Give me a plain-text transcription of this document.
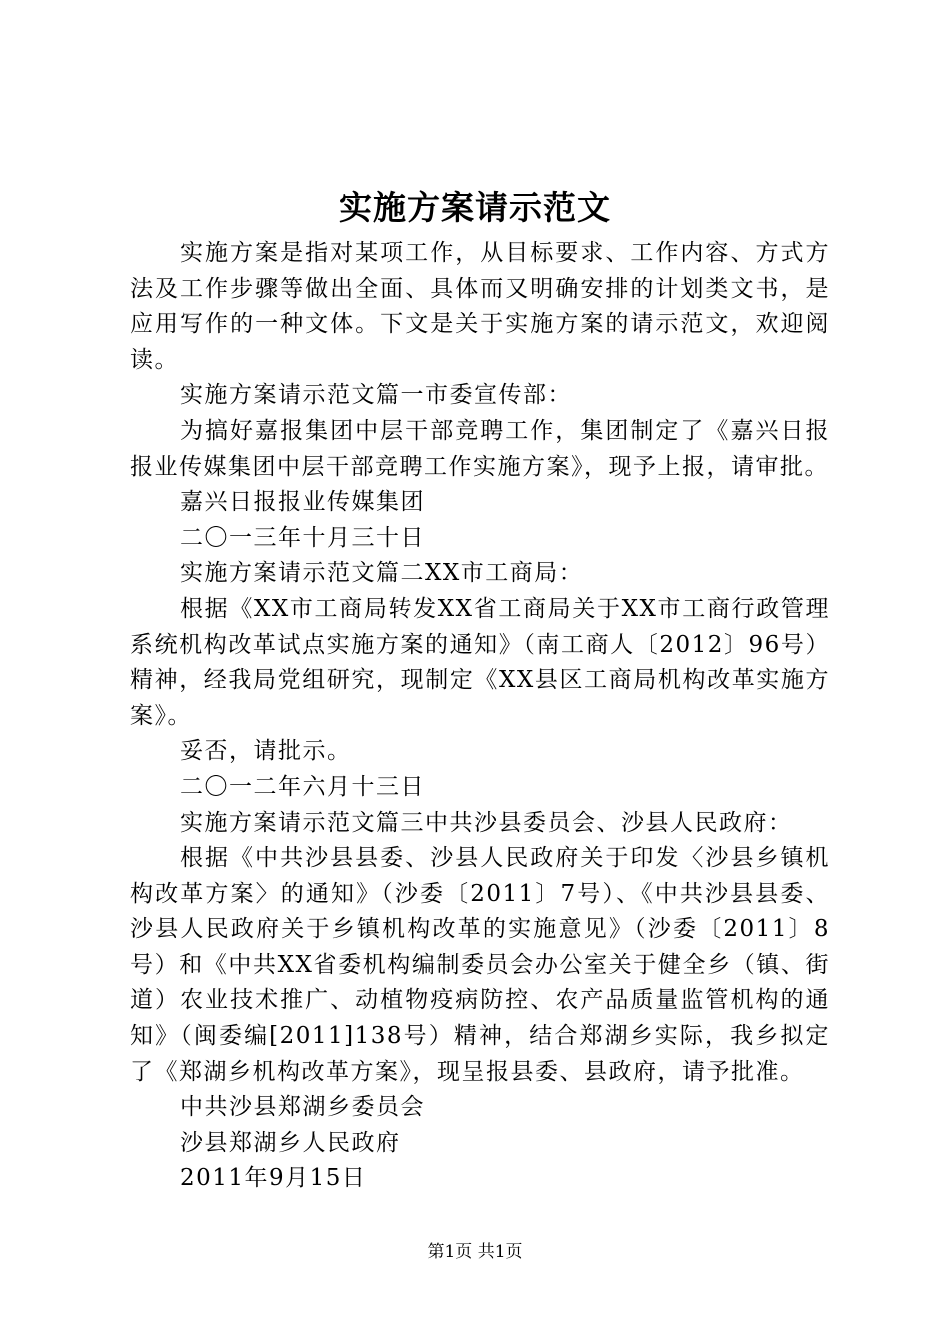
实施方案请示范文

实施方案是指对某项工作，从目标要求、工作内容、方式方法及工作步骤等做出全面、具体而又明确安排的计划类文书，是应用写作的一种文体。下文是关于实施方案的请示范文，欢迎阅读。

实施方案请示范文篇一市委宣传部：

为搞好嘉报集团中层干部竞聘工作，集团制定了《嘉兴日报报业传媒集团中层干部竞聘工作实施方案》，现予上报，请审批。

嘉兴日报报业传媒集团

二〇一三年十月三十日

实施方案请示范文篇二XX市工商局：

根据《XX市工商局转发XX省工商局关于XX市工商行政管理系统机构改革试点实施方案的通知》（南工商人〔2012〕96号）精神，经我局党组研究，现制定《XX县区工商局机构改革实施方案》。

妥否，请批示。

二〇一二年六月十三日

实施方案请示范文篇三中共沙县委员会、沙县人民政府：

根据《中共沙县县委、沙县人民政府关于印发〈沙县乡镇机构改革方案〉的通知》（沙委〔2011〕7号）、《中共沙县县委、沙县人民政府关于乡镇机构改革的实施意见》（沙委〔2011〕8号）和《中共XX省委机构编制委员会办公室关于健全乡（镇、街道）农业技术推广、动植物疫病防控、农产品质量监管机构的通知》（闽委编[2011]138号）精神，结合郑湖乡实际，我乡拟定了《郑湖乡机构改革方案》，现呈报县委、县政府，请予批准。

中共沙县郑湖乡委员会

沙县郑湖乡人民政府

2011年9月15日

第1页 共1页
